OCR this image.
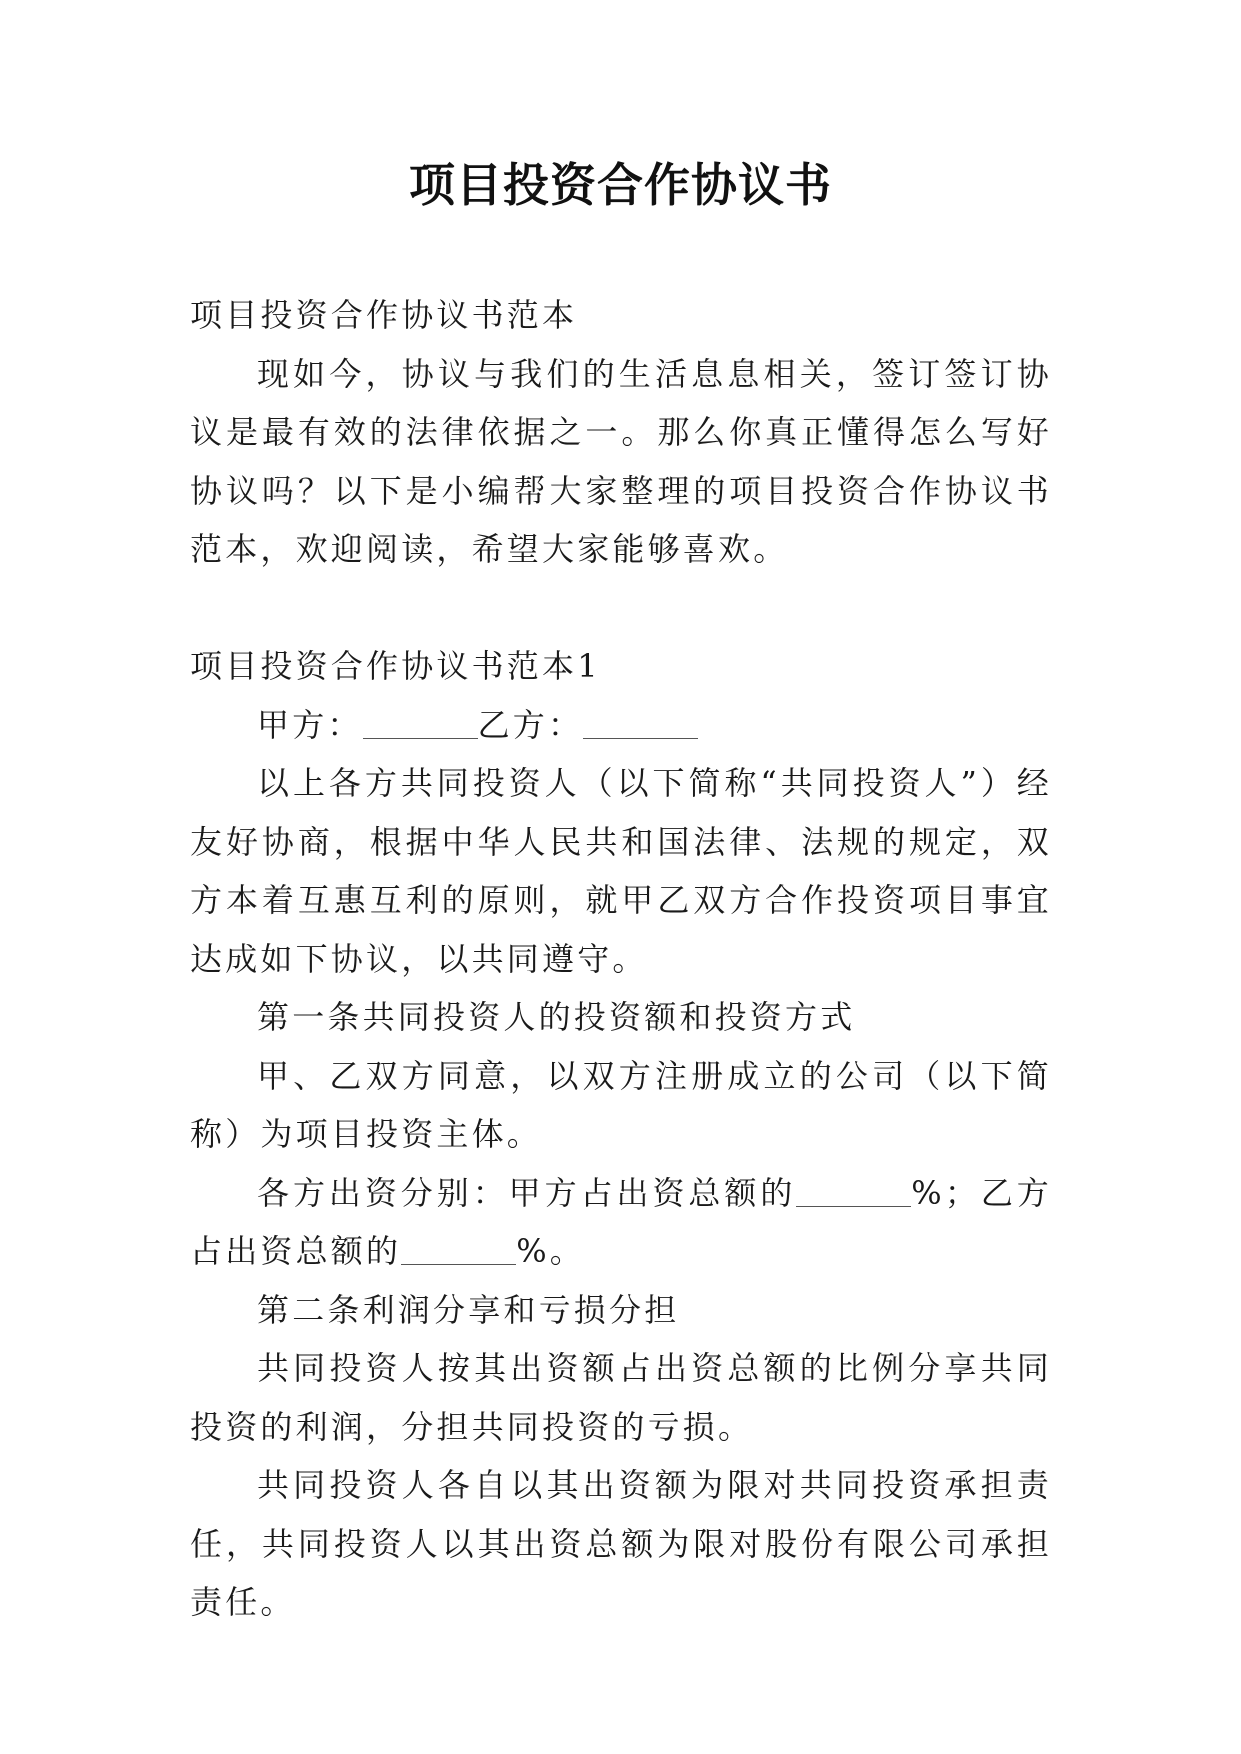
项目投资合作协议书

项目投资合作协议书范本

现如今，协议与我们的生活息息相关，签订签订协议是最有效的法律依据之一。那么你真正懂得怎么写好协议吗？以下是小编帮大家整理的项目投资合作协议书范本，欢迎阅读，希望大家能够喜欢。

项目投资合作协议书范本1

甲方：	乙方：

以上各方共同投资人（以下简称“共同投资人”）经友好协商，根据中华人民共和国法律、法规的规定，双方本着互惠互利的原则，就甲乙双方合作投资项目事宜达成如下协议，以共同遵守。

第一条共同投资人的投资额和投资方式

甲、乙双方同意，以双方注册成立的公司（以下简称）为项目投资主体。

各方出资分别：甲方占出资总额的	%；乙方占出资总额的	%。

第二条利润分享和亏损分担

共同投资人按其出资额占出资总额的比例分享共同投资的利润，分担共同投资的亏损。

共同投资人各自以其出资额为限对共同投资承担责任，共同投资人以其出资总额为限对股份有限公司承担责任。
